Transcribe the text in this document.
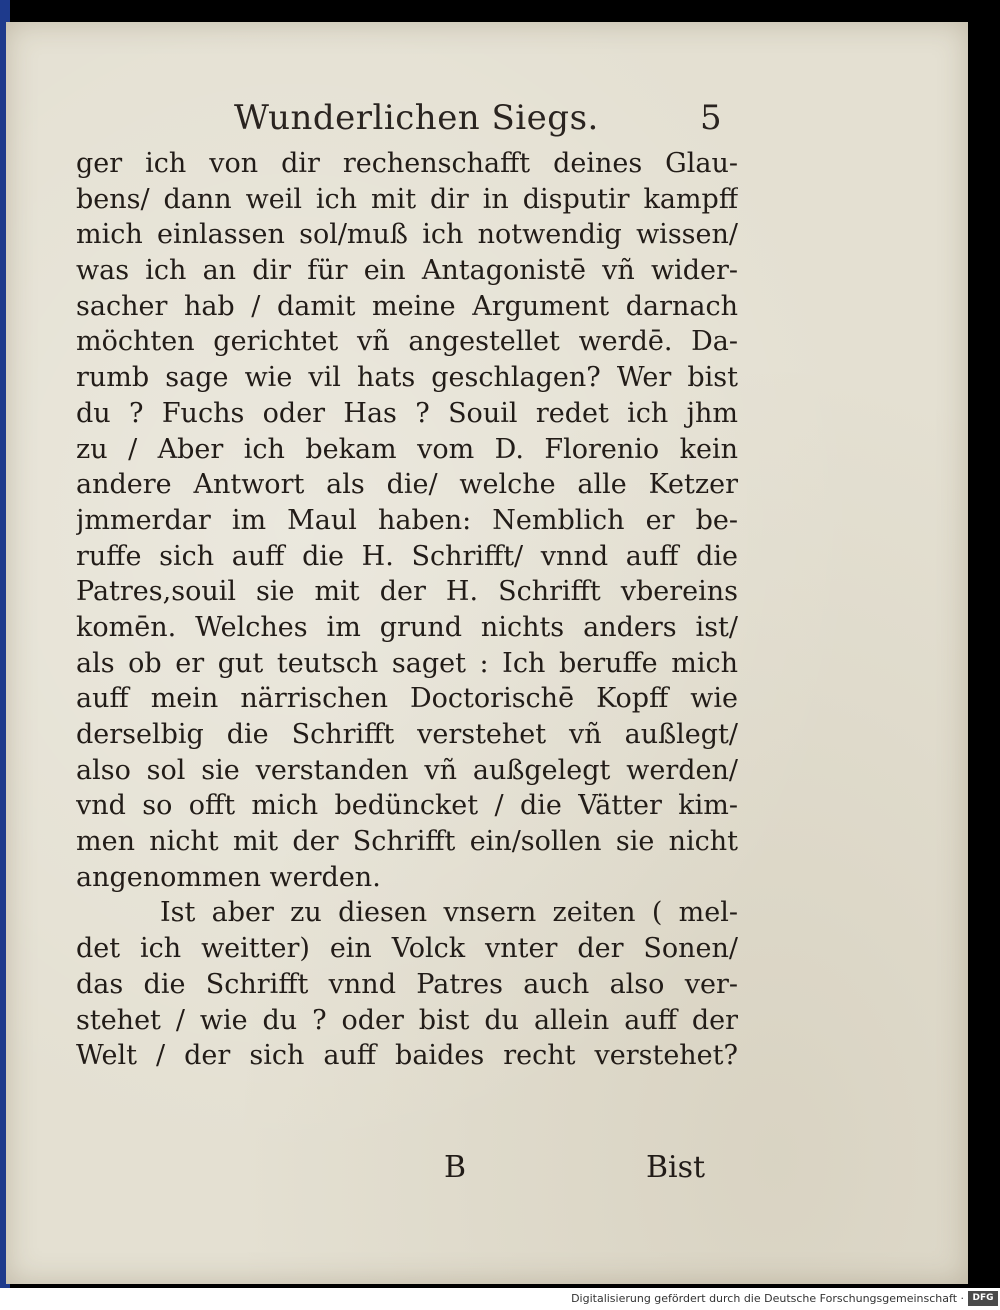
Wunderlichen Siegs.	5
ger ich von dir rechenschafft deines Glau-
bens/ dann weil ich mit dir in disputir kampff
mich einlassen sol/muß ich notwendig wissen/
was ich an dir für ein Antagonistē vñ wider-
sacher hab / damit meine Argument darnach
möchten gerichtet vñ angestellet werdē. Da-
rumb sage wie vil hats geschlagen? Wer bist
du ? Fuchs oder Has ? Souil redet ich jhm
zu / Aber ich bekam vom D. Florenio kein
andere Antwort als die/ welche alle Ketzer
jmmerdar im Maul haben: Nemblich er be-
ruffe sich auff die H. Schrifft/ vnnd auff die
Patres,souil sie mit der H. Schrifft vbereins
komēn. Welches im grund nichts anders ist/
als ob er gut teutsch saget : Ich beruffe mich
auff mein närrischen Doctorischē Kopff wie
derselbig die Schrifft verstehet vñ außlegt/
also sol sie verstanden vñ außgelegt werden/
vnd so offt mich bedüncket / die Vätter kim-
men nicht mit der Schrifft ein/sollen sie nicht
angenommen werden.
Ist aber zu diesen vnsern zeiten ( mel-
det ich weitter) ein Volck vnter der Sonen/
das die Schrifft vnnd Patres auch also ver-
stehet / wie du ? oder bist du allein auff der
Welt / der sich auff baides recht verstehet?
B	Bist
Digitalisierung gefördert durch die Deutsche Forschungsgemeinschaft · DFG
